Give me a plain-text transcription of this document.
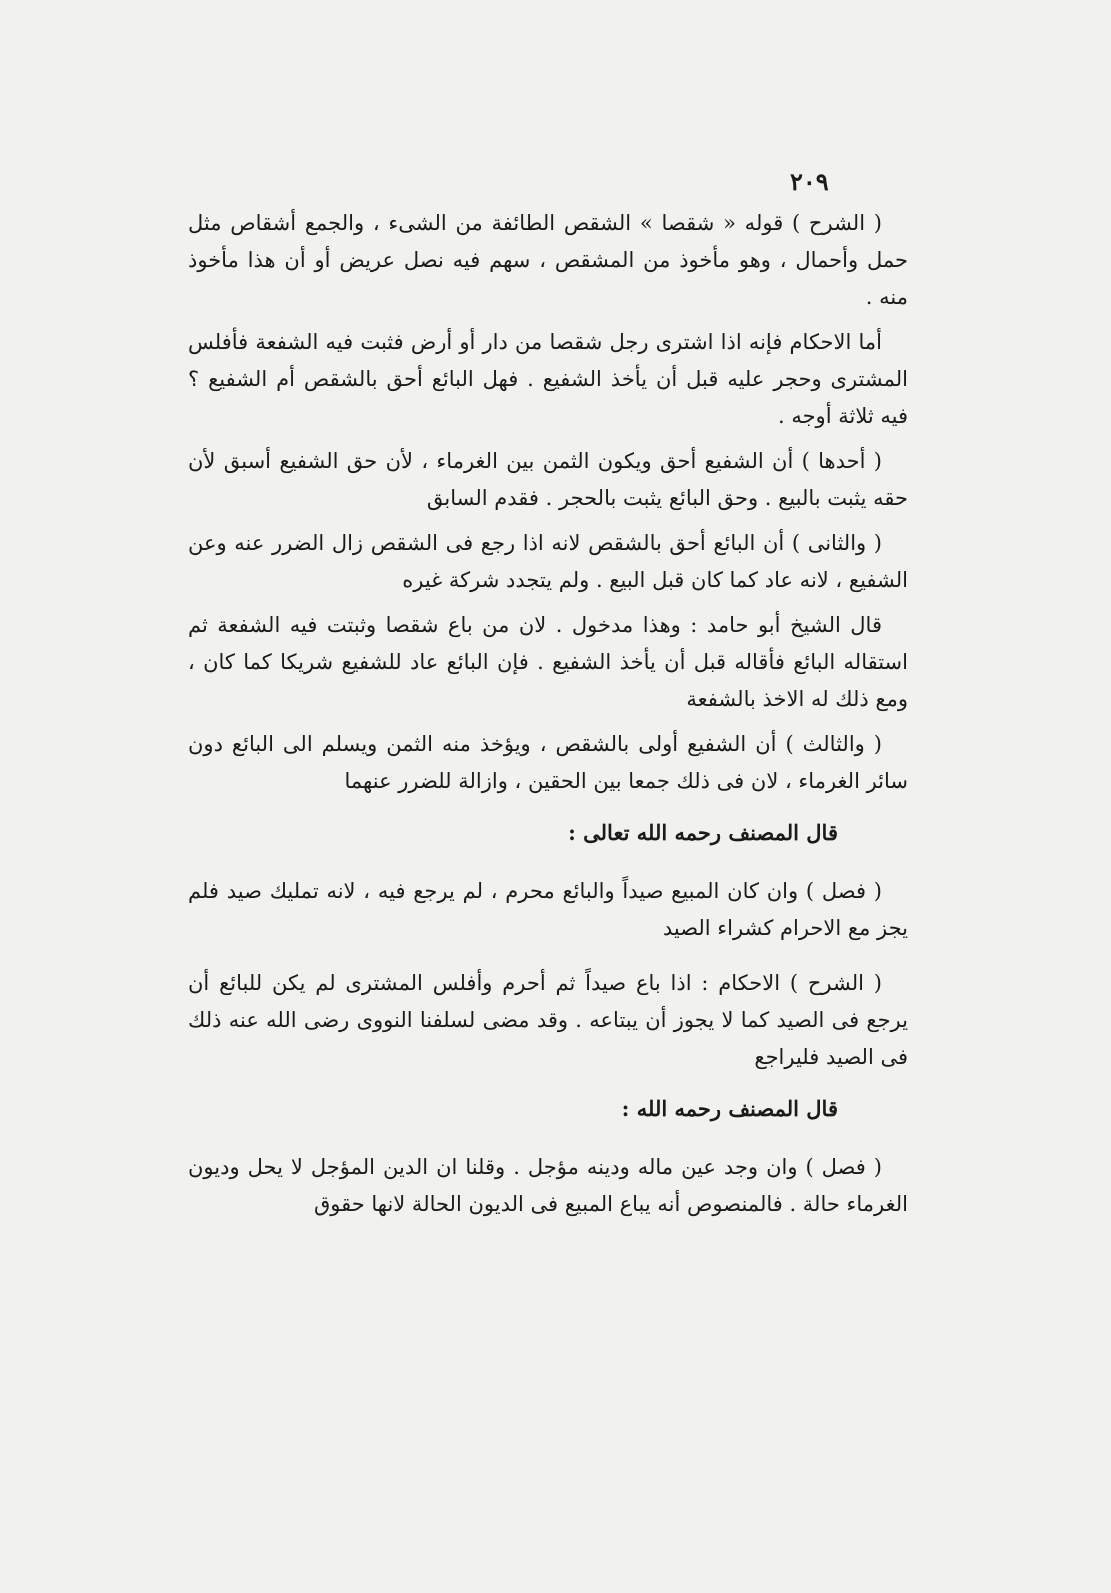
٢٠٩

( الشرح ) قوله « شقصا » الشقص الطائفة من الشىء ، والجمع أشقاص مثل حمل وأحمال ، وهو مأخوذ من المشقص ، سهم فيه نصل عريض أو أن هذا مأخوذ منه .

أما الاحكام فإنه اذا اشترى رجل شقصا من دار أو أرض فثبت فيه الشفعة فأفلس المشترى وحجر عليه قبل أن يأخذ الشفيع . فهل البائع أحق بالشقص أم الشفيع ؟ فيه ثلاثة أوجه .

( أحدها ) أن الشفيع أحق ويكون الثمن بين الغرماء ، لأن حق الشفيع أسبق لأن حقه يثبت بالبيع . وحق البائع يثبت بالحجر . فقدم السابق

( والثانى ) أن البائع أحق بالشقص لانه اذا رجع فى الشقص زال الضرر عنه وعن الشفيع ، لانه عاد كما كان قبل البيع . ولم يتجدد شركة غيره

قال الشيخ أبو حامد : وهذا مدخول . لان من باع شقصا وثبتت فيه الشفعة ثم استقاله البائع فأقاله قبل أن يأخذ الشفيع . فإن البائع عاد للشفيع شريكا كما كان ، ومع ذلك له الاخذ بالشفعة

( والثالث ) أن الشفيع أولى بالشقص ، ويؤخذ منه الثمن ويسلم الى البائع دون سائر الغرماء ، لان فى ذلك جمعا بين الحقين ، وازالة للضرر عنهما

قال المصنف رحمه الله تعالى :

( فصل ) وان كان المبيع صيداً والبائع محرم ، لم يرجع فيه ، لانه تمليك صيد فلم يجز مع الاحرام كشراء الصيد

( الشرح ) الاحكام : اذا باع صيداً ثم أحرم وأفلس المشترى لم يكن للبائع أن يرجع فى الصيد كما لا يجوز أن يبتاعه . وقد مضى لسلفنا النووى رضى الله عنه ذلك فى الصيد فليراجع

قال المصنف رحمه الله :

( فصل ) وان وجد عين ماله ودينه مؤجل . وقلنا ان الدين المؤجل لا يحل وديون الغرماء حالة . فالمنصوص أنه يباع المبيع فى الديون الحالة لانها حقوق
